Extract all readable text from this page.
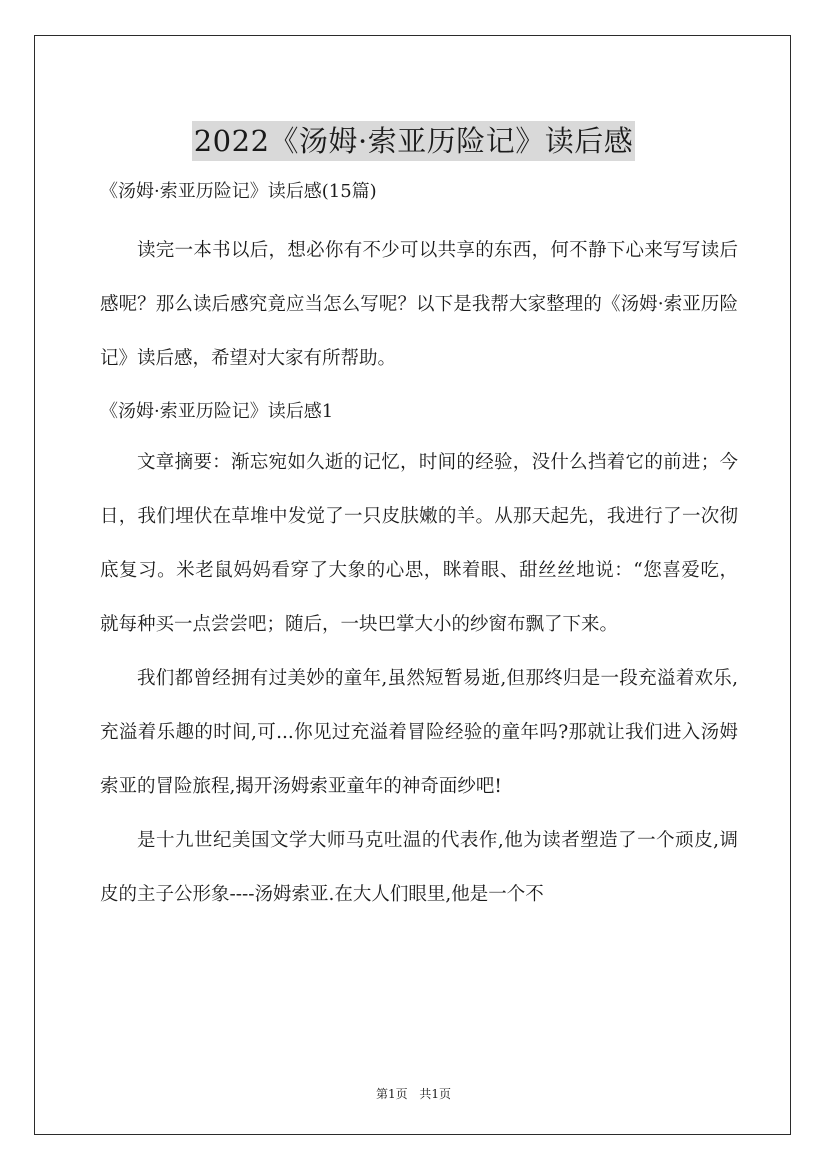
2022《汤姆·索亚历险记》读后感

《汤姆·索亚历险记》读后感(15篇)

读完一本书以后，想必你有不少可以共享的东西，何不静下心来写写读后感呢？那么读后感究竟应当怎么写呢？以下是我帮大家整理的《汤姆·索亚历险记》读后感，希望对大家有所帮助。

《汤姆·索亚历险记》读后感1

文章摘要：渐忘宛如久逝的记忆，时间的经验，没什么挡着它的前进；今日，我们埋伏在草堆中发觉了一只皮肤嫩的羊。从那天起先，我进行了一次彻底复习。米老鼠妈妈看穿了大象的心思，眯着眼、甜丝丝地说：“您喜爱吃，就每种买一点尝尝吧；随后，一块巴掌大小的纱窗布飘了下来。

我们都曾经拥有过美妙的童年,虽然短暂易逝,但那终归是一段充溢着欢乐,充溢着乐趣的时间,可...你见过充溢着冒险经验的童年吗?那就让我们进入汤姆索亚的冒险旅程,揭开汤姆索亚童年的神奇面纱吧!

是十九世纪美国文学大师马克吐温的代表作,他为读者塑造了一个顽皮,调皮的主子公形象----汤姆索亚.在大人们眼里,他是一个不

第1页 共1页
